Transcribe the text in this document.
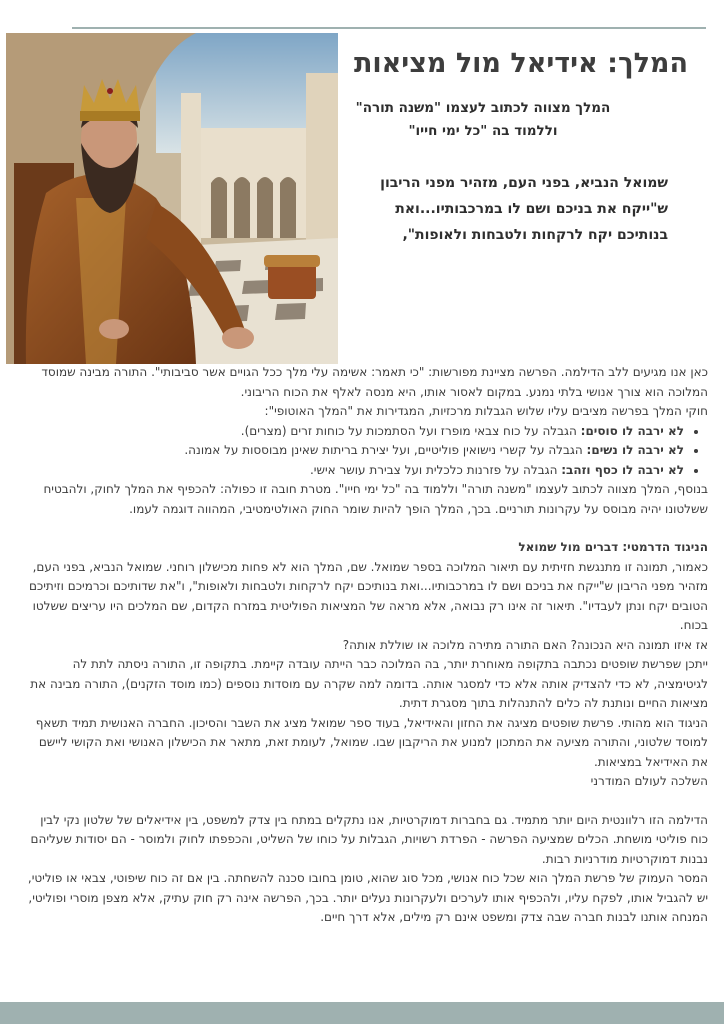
המלך: אידיאל מול מציאות

המלך מצווה לכתוב לעצמו "משנה תורה" וללמוד בה "כל ימי חייו"

שמואל הנביא, בפני העם, מזהיר מפני הריבון ש"ייקח את בניכם ושם לו במרכבותיו...ואת בנותיכם יקח לרקחות ולטבחות ולאופות",

כאן אנו מגיעים ללב הדילמה. הפרשה מציינת מפורשות: "כי תאמר: אשימה עלי מלך ככל הגויים אשר סביבותי". התורה מבינה שמוסד המלוכה הוא צורך אנושי בלתי נמנע. במקום לאסור אותו, היא מנסה לאלף את הכוח הריבוני.

חוקי המלך בפרשה מציבים עליו שלוש הגבלות מרכזיות, המגדירות את "המלך האוטופי":

• לא ירבה לו סוסים: הגבלה על כוח צבאי מופרז ועל הסתמכות על כוחות זרים (מצרים).
• לא ירבה לו נשים: הגבלה על קשרי נישואין פוליטיים, ועל יצירת בריתות שאינן מבוססות על אמונה.
• לא ירבה לו כסף וזהב: הגבלה על פזרנות כלכלית ועל צבירת עושר אישי.

בנוסף, המלך מצווה לכתוב לעצמו "משנה תורה" וללמוד בה "כל ימי חייו". מטרת חובה זו כפולה: להכפיף את המלך לחוק, ולהבטיח ששלטונו יהיה מבוסס על עקרונות תורניים. בכך, המלך הופך להיות שומר החוק האולטימטיבי, המהווה דוגמה לעמו.

הניגוד הדרמטי: דברים מול שמואל

כאמור, תמונה זו מתנגשת חזיתית עם תיאור המלוכה בספר שמואל. שם, המלך הוא לא פחות מכישלון רוחני. שמואל הנביא, בפני העם, מזהיר מפני הריבון ש"ייקח את בניכם ושם לו במרכבותיו...ואת בנותיכם יקח לרקחות ולטבחות ולאופות", ו"את שדותיכם וכרמיכם וזיתיכם הטובים יקח ונתן לעבדיו". תיאור זה אינו רק נבואה, אלא מראה של המציאות הפוליטית במזרח הקדום, שם המלכים היו עריצים ששלטו בכוח.

אז איזו תמונה היא הנכונה? האם התורה מתירה מלוכה או שוללת אותה?

ייתכן שפרשת שופטים נכתבה בתקופה מאוחרת יותר, בה המלוכה כבר הייתה עובדה קיימת. בתקופה זו, התורה ניסתה לתת לה לגיטימציה, לא כדי להצדיק אותה אלא כדי למסגר אותה. בדומה למה שקרה עם מוסדות נוספים (כמו מוסד הזקנים), התורה מבינה את מציאות החיים ונותנת לה כלים להתנהלות בתוך מסגרת דתית.

הניגוד הוא מהותי. פרשת שופטים מציגה את החזון והאידיאל, בעוד ספר שמואל מציג את השבר והסיכון. החברה האנושית תמיד תשאף למוסד שלטוני, והתורה מציעה את המתכון למנוע את הריקבון שבו. שמואל, לעומת זאת, מתאר את הכישלון האנושי ואת הקושי ליישם את האידיאל במציאות.

השלכה לעולם המודרני

הדילמה הזו רלוונטית היום יותר מתמיד. גם בחברות דמוקרטיות, אנו נתקלים במתח בין צדק למשפט, בין אידיאלים של שלטון נקי לבין כוח פוליטי מושחת. הכלים שמציעה הפרשה - הפרדת רשויות, הגבלות על כוחו של השליט, והכפפתו לחוק ולמוסר - הם יסודות שעליהם נבנות דמוקרטיות מודרניות רבות.

המסר העמוק של פרשת המלך הוא שכל כוח אנושי, מכל סוג שהוא, טומן בחובו סכנה להשחתה. בין אם זה כוח שיפוטי, צבאי או פוליטי, יש להגביל אותו, לפקח עליו, ולהכפיף אותו לערכים ולעקרונות נעלים יותר. בכך, הפרשה אינה רק חוק עתיק, אלא מצפן מוסרי ופוליטי, המנחה אותנו לבנות חברה שבה צדק ומשפט אינם רק מילים, אלא דרך חיים.
